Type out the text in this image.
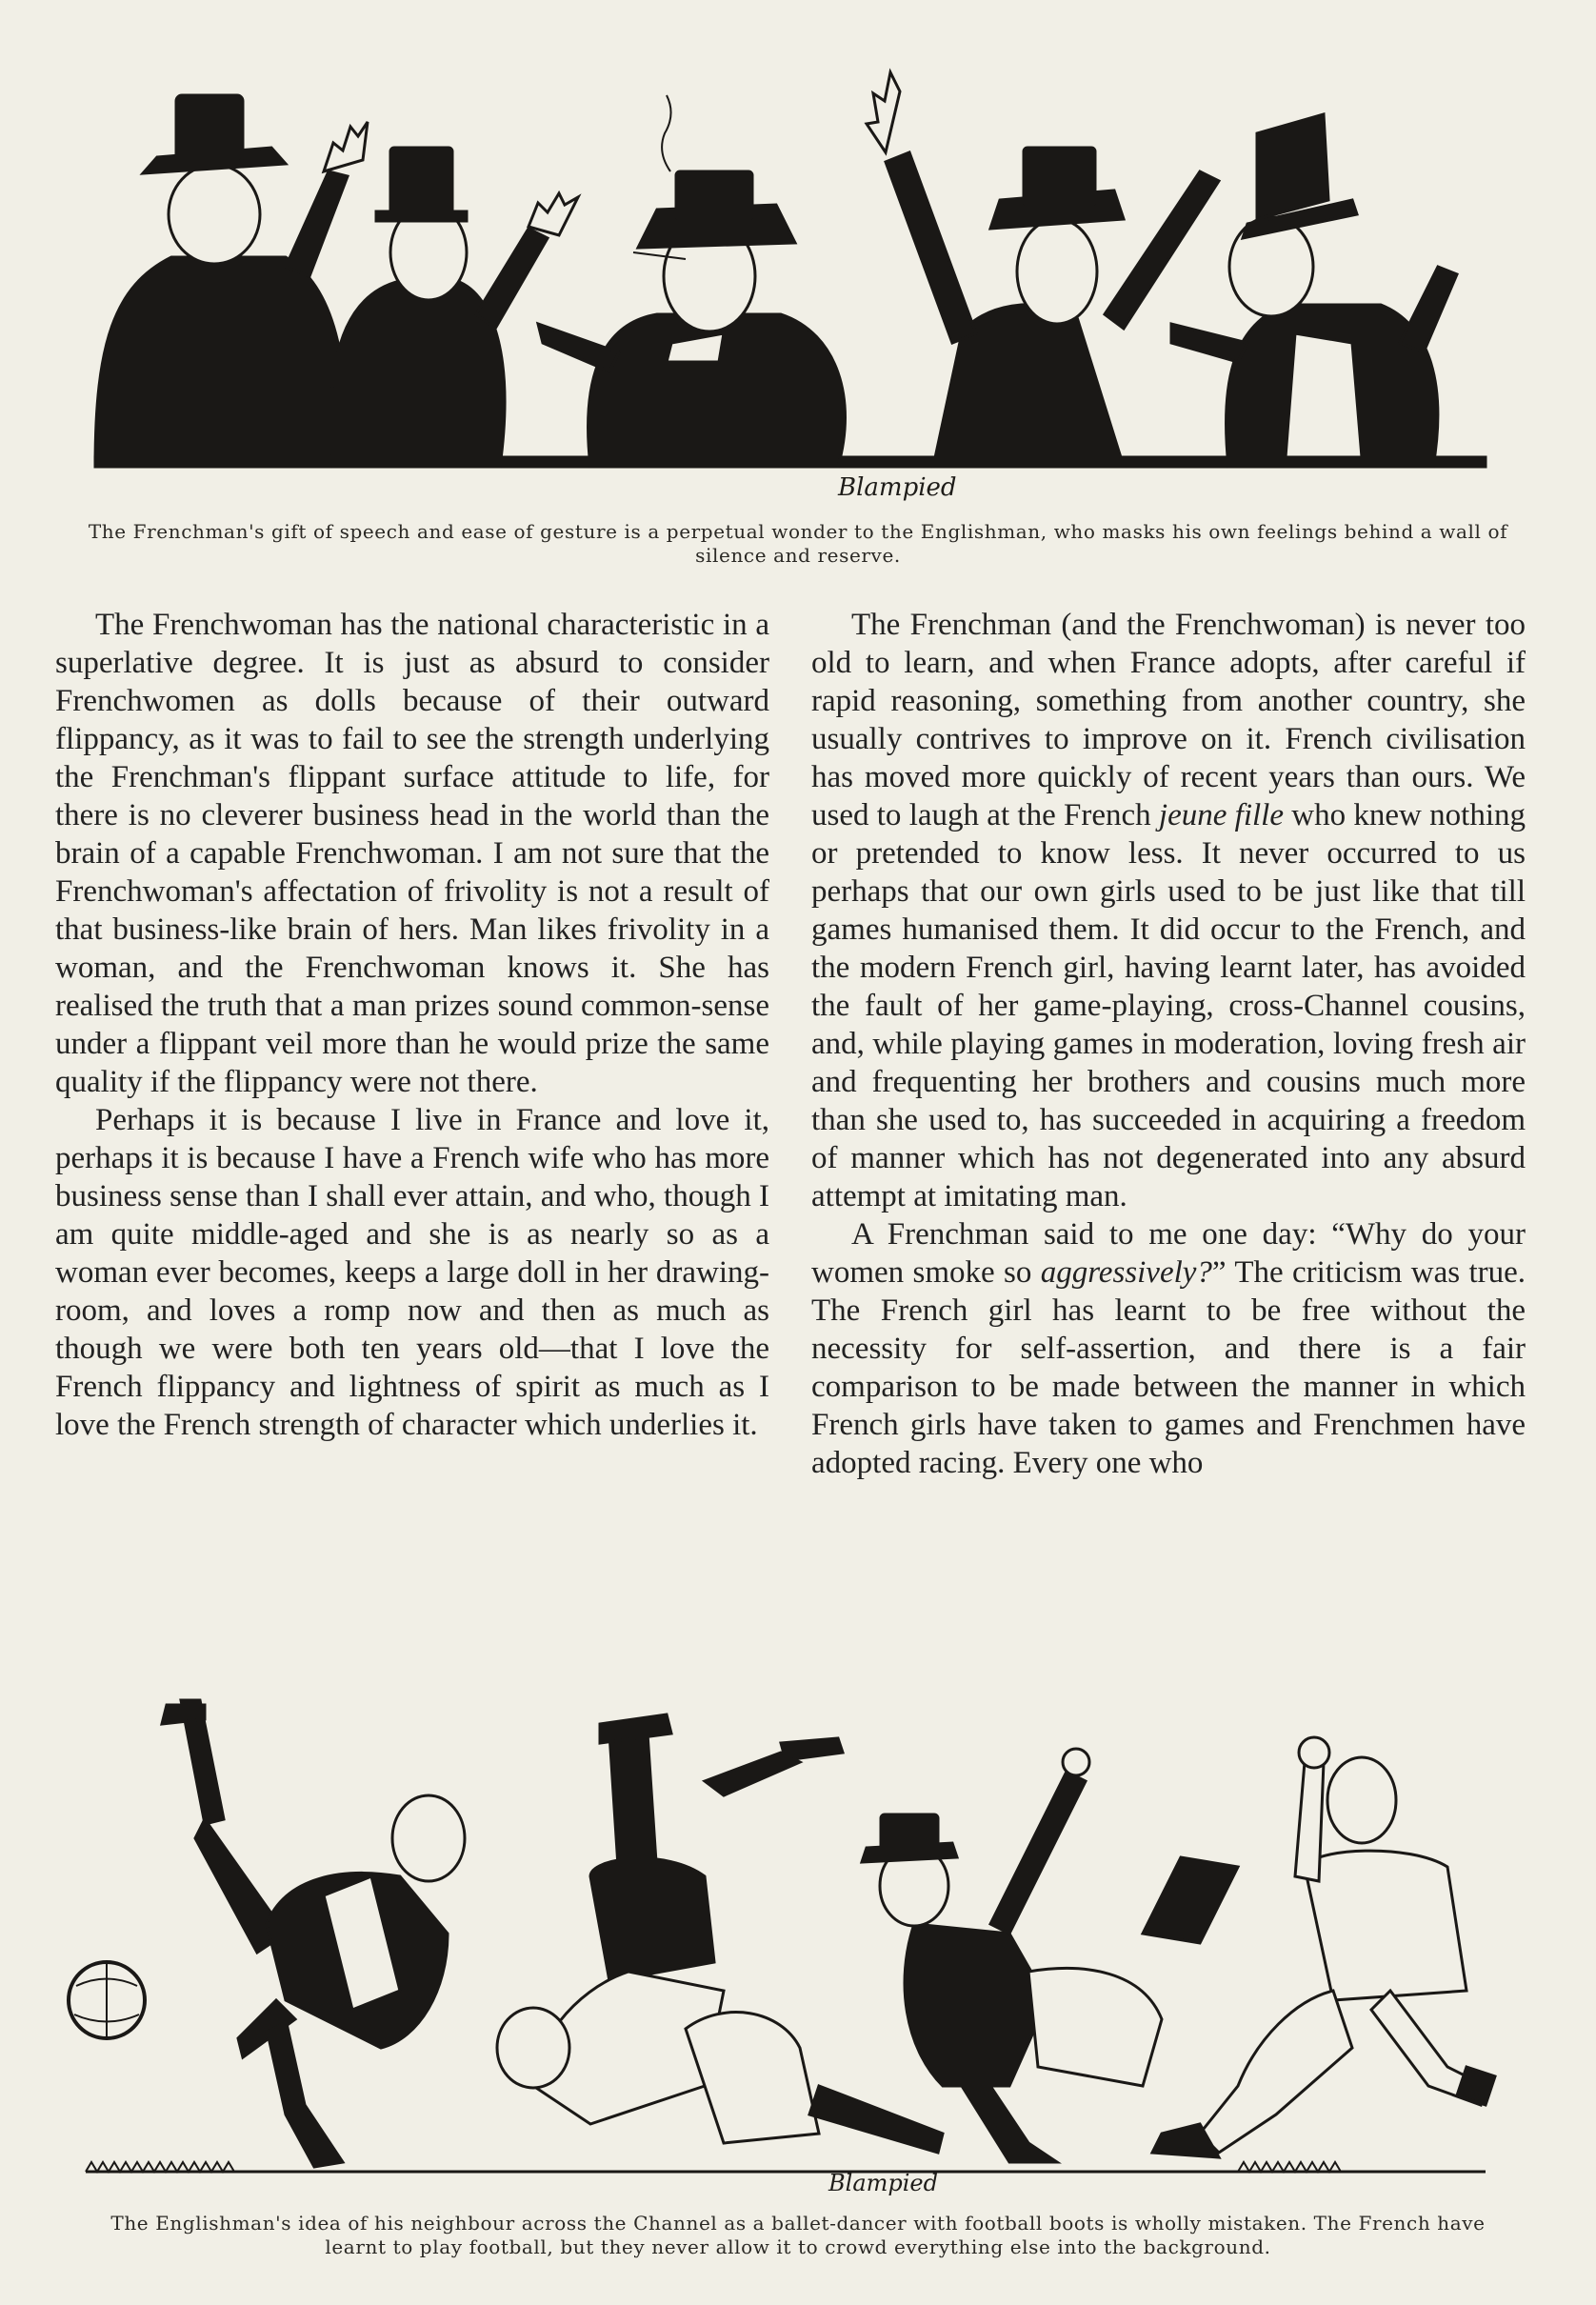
Blampied
The Frenchman's gift of speech and ease of gesture is a perpetual wonder to the Englishman, who masks his own feelings behind a wall of silence and reserve.

The Frenchwoman has the national characteristic in a superlative degree. It is just as absurd to consider Frenchwomen as dolls because of their outward flippancy, as it was to fail to see the strength underlying the Frenchman's flippant surface attitude to life, for there is no cleverer business head in the world than the brain of a capable Frenchwoman. I am not sure that the Frenchwoman's affectation of frivolity is not a result of that business-like brain of hers. Man likes frivolity in a woman, and the Frenchwoman knows it. She has realised the truth that a man prizes sound common-sense under a flippant veil more than he would prize the same quality if the flippancy were not there.

Perhaps it is because I live in France and love it, perhaps it is because I have a French wife who has more business sense than I shall ever attain, and who, though I am quite middle-aged and she is as nearly so as a woman ever becomes, keeps a large doll in her drawing-room, and loves a romp now and then as much as though we were both ten years old—that I love the French flippancy and lightness of spirit as much as I love the French strength of character which underlies it.

The Frenchman (and the Frenchwoman) is never too old to learn, and when France adopts, after careful if rapid reasoning, something from another country, she usually contrives to improve on it. French civilisation has moved more quickly of recent years than ours. We used to laugh at the French jeune fille who knew nothing or pretended to know less. It never occurred to us perhaps that our own girls used to be just like that till games humanised them. It did occur to the French, and the modern French girl, having learnt later, has avoided the fault of her game-playing, cross-Channel cousins, and, while playing games in moderation, loving fresh air and frequenting her brothers and cousins much more than she used to, has succeeded in acquiring a freedom of manner which has not degenerated into any absurd attempt at imitating man.

A Frenchman said to me one day: “Why do your women smoke so aggressively?” The criticism was true. The French girl has learnt to be free without the necessity for self-assertion, and there is a fair comparison to be made between the manner in which French girls have taken to games and Frenchmen have adopted racing. Every one who

Blampied
The Englishman's idea of his neighbour across the Channel as a ballet-dancer with football boots is wholly mistaken. The French have learnt to play football, but they never allow it to crowd everything else into the background.
